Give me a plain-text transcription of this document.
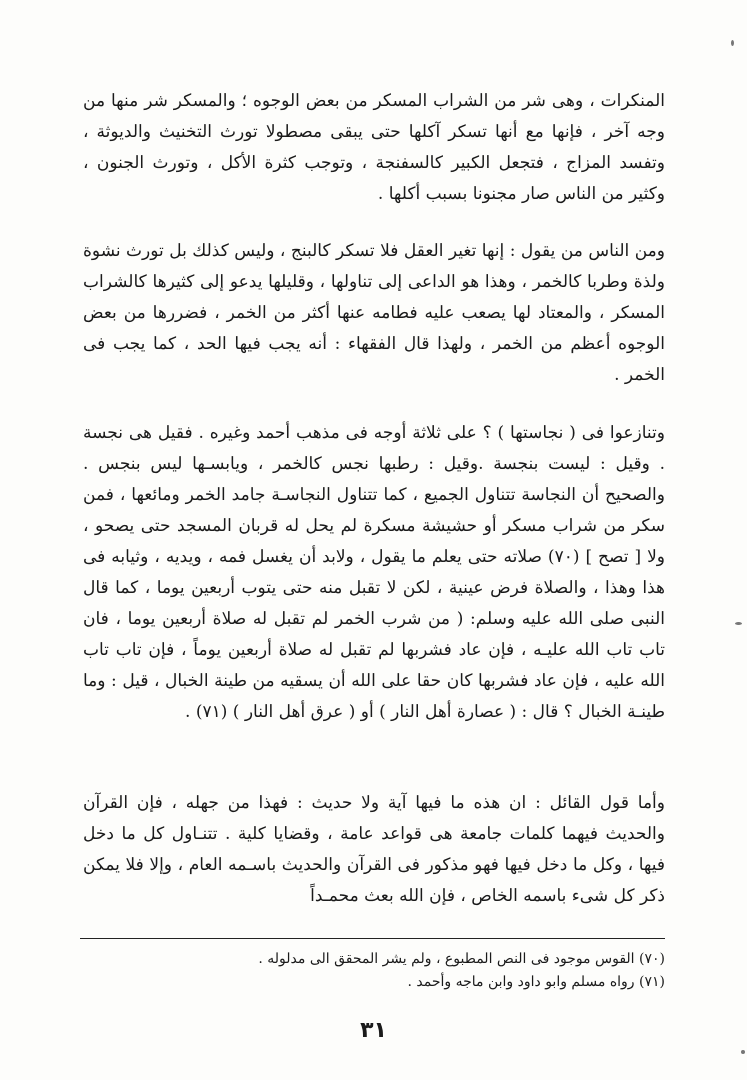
المنكرات ، وهى شر من الشراب المسكر من بعض الوجوه ؛ والمسكر شر منها من وجه آخر ، فإنها مع أنها تسكر آكلها حتى يبقى مصطولا تورث التخنيث والديوثة ، وتفسد المزاج ، فتجعل الكبير كالسفنجة ، وتوجب كثرة الأكل ، وتورث الجنون ، وكثير من الناس صار مجنونا بسبب أكلها .

ومن الناس من يقول : إنها تغير العقل فلا تسكر كالبنج ، وليس كذلك بل تورث نشوة ولذة وطربا كالخمر ، وهذا هو الداعى إلى تناولها ، وقليلها يدعو إلى كثيرها كالشراب المسكر ، والمعتاد لها يصعب عليه فطامه عنها أكثر من الخمر ، فضررها من بعض الوجوه أعظم من الخمر ، ولهذا قال الفقهاء : أنه يجب فيها الحد ، كما يجب فى الخمر .

وتنازعوا فى ( نجاستها ) ؟ على ثلاثة أوجه فى مذهب أحمد وغيره . فقيل هى نجسة . وقيل : ليست بنجسة .وقيل : رطبها نجس كالخمر ، ويابسـها ليس بنجس . والصحيح أن النجاسة تتناول الجميع ، كما تتناول النجاسـة جامد الخمر ومائعها ، فمن سكر من شراب مسكر أو حشيشة مسكرة لم يحل له قربان المسجد حتى يصحو ، ولا [ تصح ] (٧٠) صلاته حتى يعلم ما يقول ، ولابد أن يغسل فمه ، ويديه ، وثيابه فى هذا وهذا ، والصلاة فرض عينية ، لكن لا تقبل منه حتى يتوب أربعين يوما ، كما قال النبى صلى الله عليه وسلم: ( من شرب الخمر لم تقبل له صلاة أربعين يوما ، فان تاب تاب الله عليـه ، فإن عاد فشربها لم تقبل له صلاة أربعين يوماً ، فإن تاب تاب الله عليه ، فإن عاد فشربها كان حقا على الله أن يسقيه من طينة الخبال ، قيل : وما طينـة الخبال ؟ قال : ( عصارة أهل النار ) أو ( عرق أهل النار ) (٧١) .

وأما قول القائل : ان هذه ما فيها آية ولا حديث : فهذا من جهله ، فإن القرآن والحديث فيهما كلمات جامعة هى قواعد عامة ، وقضايا كلية . تتنـاول كل ما دخل فيها ، وكل ما دخل فيها فهو مذكور فى القرآن والحديث باسـمه العام ، وإلا فلا يمكن ذكر كل شىء باسمه الخاص ، فإن الله بعث محمـداً

(٧٠) القوس موجود فى النص المطبوع ، ولم يشر المحقق الى مدلوله .

(٧١) رواه مسلم وابو داود وابن ماجه وأحمد .

٣١
